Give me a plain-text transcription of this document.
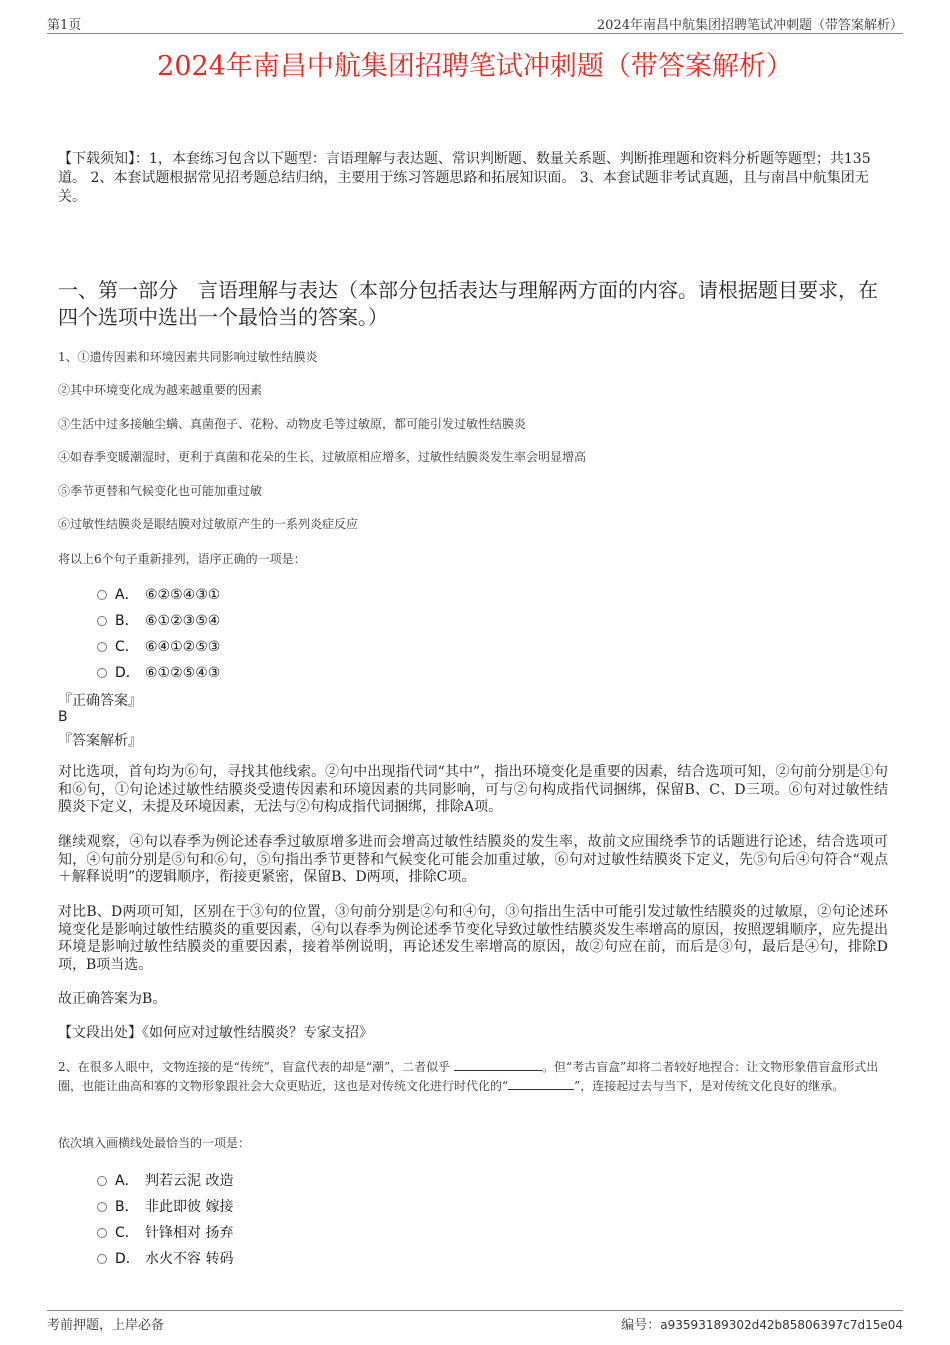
第1页	2024年南昌中航集团招聘笔试冲刺题（带答案解析）
2024年南昌中航集团招聘笔试冲刺题（带答案解析）
【下载须知】：1，本套练习包含以下题型：言语理解与表达题、常识判断题、数量关系题、判断推理题和资料分析题等题型；共135道。 2、本套试题根据常见招考题总结归纳，主要用于练习答题思路和拓展知识面。 3、本套试题非考试真题，且与南昌中航集团无关。
一、第一部分　言语理解与表达（本部分包括表达与理解两方面的内容。请根据题目要求，在四个选项中选出一个最恰当的答案。）
1、①遗传因素和环境因素共同影响过敏性结膜炎
②其中环境变化成为越来越重要的因素
③生活中过多接触尘螨、真菌孢子、花粉、动物皮毛等过敏原，都可能引发过敏性结膜炎
④如春季变暖潮湿时，更利于真菌和花朵的生长，过敏原相应增多，过敏性结膜炎发生率会明显增高
⑤季节更替和气候变化也可能加重过敏
⑥过敏性结膜炎是眼结膜对过敏原产生的一系列炎症反应
将以上6个句子重新排列，语序正确的一项是：
A． ⑥②⑤④③①
B． ⑥①②③⑤④
C． ⑥④①②⑤③
D． ⑥①②⑤④③
『正确答案』
B
『答案解析』
对比选项，首句均为⑥句，寻找其他线索。②句中出现指代词“其中”，指出环境变化是重要的因素，结合选项可知，②句前分别是①句和⑥句，①句论述过敏性结膜炎受遗传因素和环境因素的共同影响，可与②句构成指代词捆绑，保留B、C、D三项。⑥句对过敏性结膜炎下定义，未提及环境因素，无法与②句构成指代词捆绑，排除A项。
继续观察，④句以春季为例论述春季过敏原增多进而会增高过敏性结膜炎的发生率，故前文应围绕季节的话题进行论述，结合选项可知，④句前分别是⑤句和⑥句，⑤句指出季节更替和气候变化可能会加重过敏，⑥句对过敏性结膜炎下定义，先⑤句后④句符合“观点＋解释说明”的逻辑顺序，衔接更紧密，保留B、D两项，排除C项。
对比B、D两项可知，区别在于③句的位置，③句前分别是②句和④句，③句指出生活中可能引发过敏性结膜炎的过敏原，②句论述环境变化是影响过敏性结膜炎的重要因素，④句以春季为例论述季节变化导致过敏性结膜炎发生率增高的原因，按照逻辑顺序，应先提出环境是影响过敏性结膜炎的重要因素，接着举例说明，再论述发生率增高的原因，故②句应在前，而后是③句，最后是④句，排除D项，B项当选。
故正确答案为B。
【文段出处】《如何应对过敏性结膜炎？专家支招》
2、在很多人眼中，文物连接的是“传统”，盲盒代表的却是“潮”，二者似乎	。但“考古盲盒”却将二者较好地捏合：让文物形象借盲盒形式出圈，也能让曲高和寡的文物形象跟社会大众更贴近，这也是对传统文化进行时代化的“	”，连接起过去与当下，是对传统文化良好的继承。
依次填入画横线处最恰当的一项是：
A． 判若云泥 改造
B． 非此即彼 嫁接
C． 针锋相对 扬弃
D． 水火不容 转码
考前押题，上岸必备	编号：a93593189302d42b85806397c7d15e04
